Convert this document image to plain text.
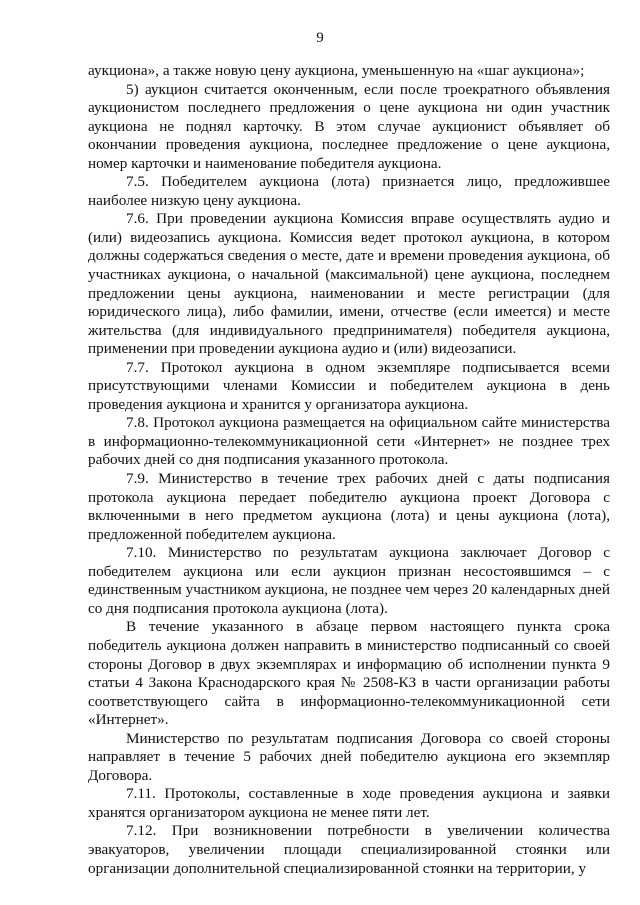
9

аукциона», а также новую цену аукциона, уменьшенную на «шаг аукциона»;

5) аукцион считается оконченным, если после троекратного объявления аукционистом последнего предложения о цене аукциона ни один участник аукциона не поднял карточку. В этом случае аукционист объявляет об окончании проведения аукциона, последнее предложение о цене аукциона, номер карточки и наименование победителя аукциона.

7.5. Победителем аукциона (лота) признается лицо, предложившее наиболее низкую цену аукциона.

7.6. При проведении аукциона Комиссия вправе осуществлять аудио и (или) видеозапись аукциона. Комиссия ведет протокол аукциона, в котором должны содержаться сведения о месте, дате и времени проведения аукциона, об участниках аукциона, о начальной (максимальной) цене аукциона, последнем предложении цены аукциона, наименовании и месте регистрации (для юридического лица), либо фамилии, имени, отчестве (если имеется) и месте жительства (для индивидуального предпринимателя) победителя аукциона, применении при проведении аукциона аудио и (или) видеозаписи.

7.7. Протокол аукциона в одном экземпляре подписывается всеми присутствующими членами Комиссии и победителем аукциона в день проведения аукциона и хранится у организатора аукциона.

7.8. Протокол аукциона размещается на официальном сайте министерства в информационно-телекоммуникационной сети «Интернет» не позднее трех рабочих дней со дня подписания указанного протокола.

7.9. Министерство в течение трех рабочих дней с даты подписания протокола аукциона передает победителю аукциона проект Договора с включенными в него предметом аукциона (лота) и цены аукциона (лота), предложенной победителем аукциона.

7.10. Министерство по результатам аукциона заключает Договор с победителем аукциона или если аукцион признан несостоявшимся – с единственным участником аукциона, не позднее чем через 20 календарных дней со дня подписания протокола аукциона (лота).

В течение указанного в абзаце первом настоящего пункта срока победитель аукциона должен направить в министерство подписанный со своей стороны Договор в двух экземплярах и информацию об исполнении пункта 9 статьи 4 Закона Краснодарского края № 2508-КЗ в части организации работы соответствующего сайта в информационно-телекоммуникационной сети «Интернет».

Министерство по результатам подписания Договора со своей стороны направляет в течение 5 рабочих дней победителю аукциона его экземпляр Договора.

7.11. Протоколы, составленные в ходе проведения аукциона и заявки хранятся организатором аукциона не менее пяти лет.

7.12. При возникновении потребности в увеличении количества эвакуаторов, увеличении площади специализированной стоянки или организации дополнительной специализированной стоянки на территории, у
